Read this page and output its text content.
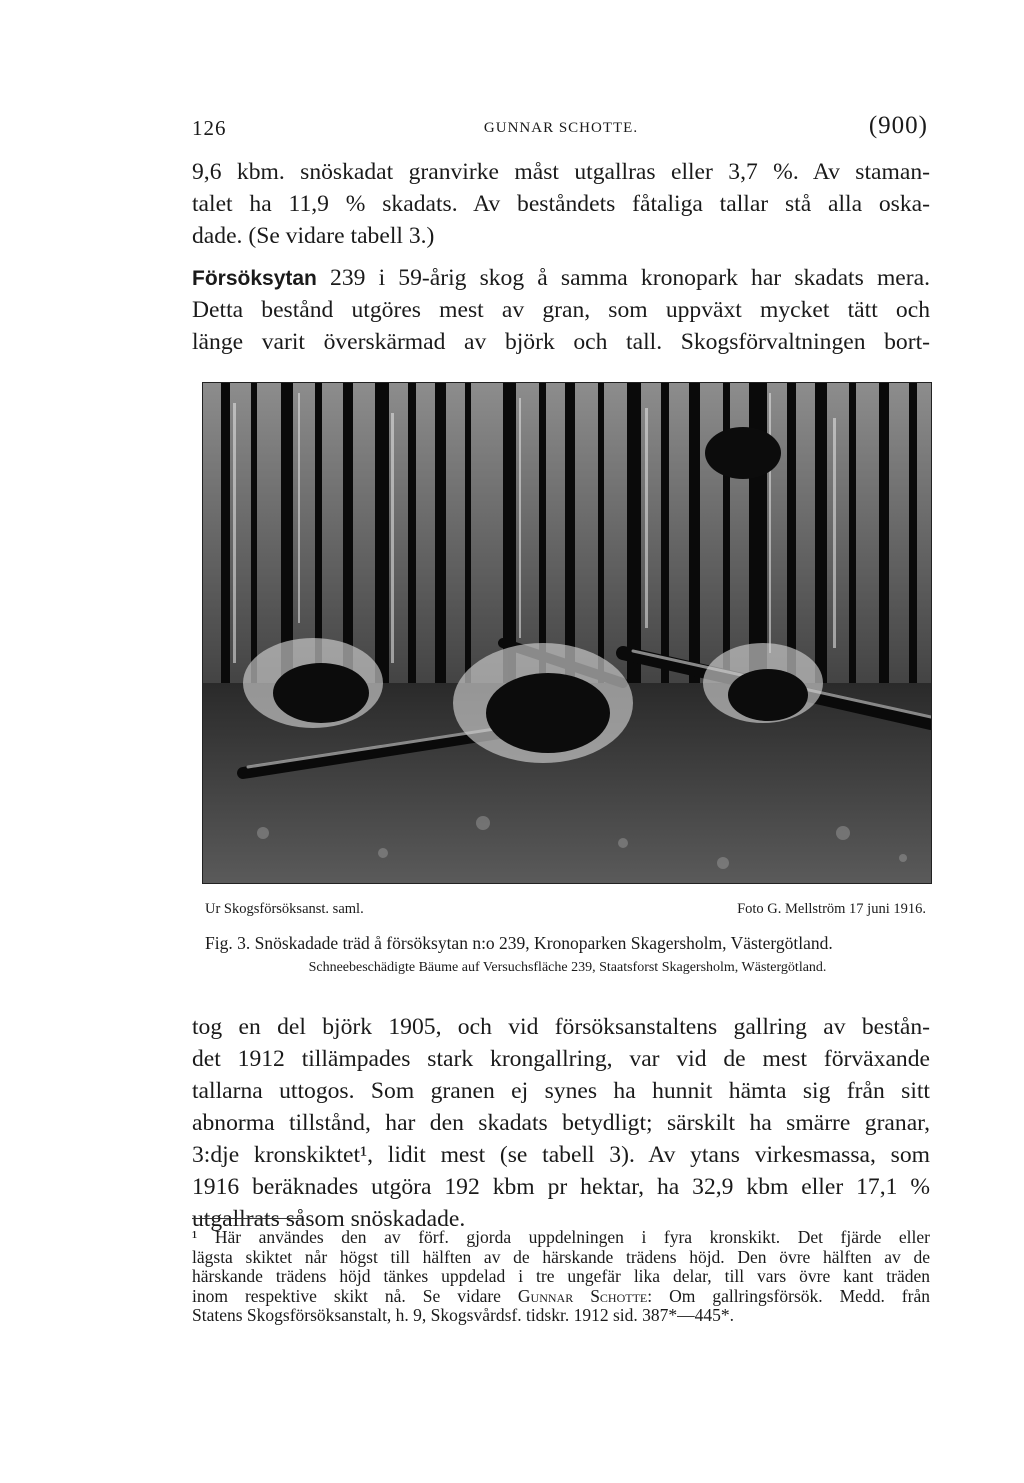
126	GUNNAR SCHOTTE.	(900)
9,6 kbm. snöskadat granvirke måst utgallras eller 3,7 %. Av staman-
talet ha 11,9 % skadats. Av beståndets fåtaliga tallar stå alla oska-
dade. (Se vidare tabell 3.)
Försöksytan 239 i 59-årig skog å samma kronopark har skadats mera.
Detta bestånd utgöres mest av gran, som uppväxt mycket tätt och
länge varit överskärmad av björk och tall. Skogsförvaltningen bort-
Ur Skogsförsöksanst. saml.	Foto G. Mellström 17 juni 1916.
Fig. 3. Snöskadade träd å försöksytan n:o 239, Kronoparken Skagersholm, Västergötland.
Schneebeschädigte Bäume auf Versuchsfläche 239, Staatsforst Skagersholm, Wästergötland.
tog en del björk 1905, och vid försöksanstaltens gallring av bestån-
det 1912 tillämpades stark krongallring, var vid de mest förväxande
tallarna uttogos. Som granen ej synes ha hunnit hämta sig från sitt
abnorma tillstånd, har den skadats betydligt; särskilt ha smärre granar,
3:dje kronskiktet¹, lidit mest (se tabell 3). Av ytans virkesmassa, som
1916 beräknades utgöra 192 kbm pr hektar, ha 32,9 kbm eller 17,1 %
utgallrats såsom snöskadade.
¹ Här användes den av förf. gjorda uppdelningen i fyra kronskikt. Det fjärde eller
lägsta skiktet når högst till hälften av de härskande trädens höjd. Den övre hälften av de
härskande trädens höjd tänkes uppdelad i tre ungefär lika delar, till vars övre kant träden
inom respektive skikt nå. Se vidare Gunnar Schotte: Om gallringsförsök. Medd. från
Statens Skogsförsöksanstalt, h. 9, Skogsvårdsf. tidskr. 1912 sid. 387*—445*.
